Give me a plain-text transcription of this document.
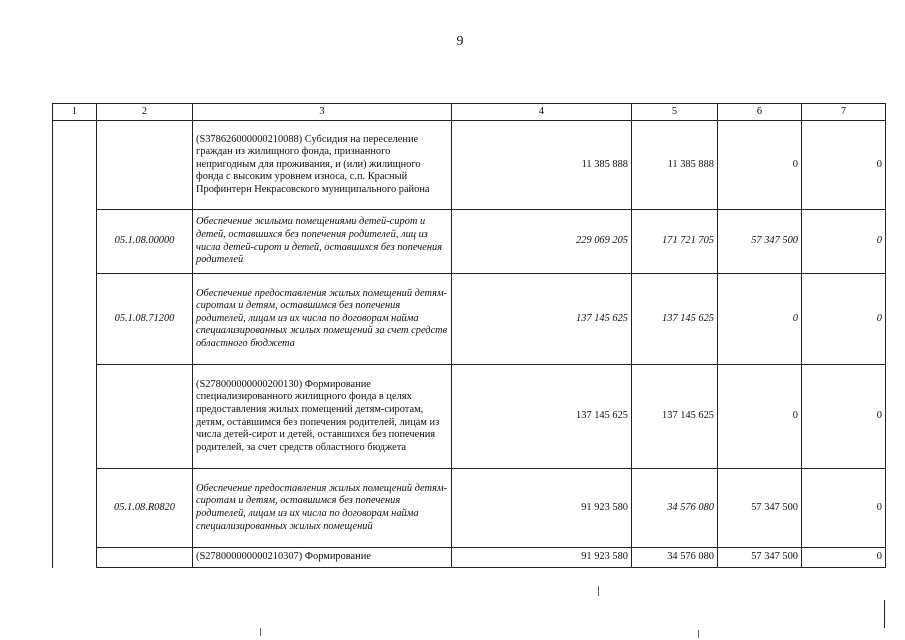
9
1	2	3	4	5	6	7
		(S378626000000210088) Субсидия на переселение граждан из жилищного фонда, признанного непригодным для проживания, и (или) жилищного фонда с высоким уровнем износа, с.п. Красный Профинтерн Некрасовского муниципального района	11 385 888	11 385 888	0	0
	05.1.08.00000	Обеспечение жилыми помещениями детей-сирот и детей, оставшихся без попечения родителей, лиц из числа детей-сирот и детей, оставшихся без попечения родителей	229 069 205	171 721 705	57 347 500	0
	05.1.08.71200	Обеспечение предоставления жилых помещений детям-сиротам и детям, оставшимся без попечения родителей, лицам из их числа по договорам найма специализированных жилых помещений за счет средств областного бюджета	137 145 625	137 145 625	0	0
		(S278000000000200130) Формирование специализированного жилищного фонда в целях предоставления жилых помещений детям-сиротам, детям, оставшимся без попечения родителей, лицам из числа детей-сирот и детей, оставшихся без попечения родителей, за счет средств областного бюджета	137 145 625	137 145 625	0	0
	05.1.08.R0820	Обеспечение предоставления жилых помещений детям-сиротам и детям, оставшимся без попечения родителей, лицам из их числа по договорам найма специализированных жилых помещений	91 923 580	34 576 080	57 347 500	0
		(S278000000000210307) Формирование	91 923 580	34 576 080	57 347 500	0
